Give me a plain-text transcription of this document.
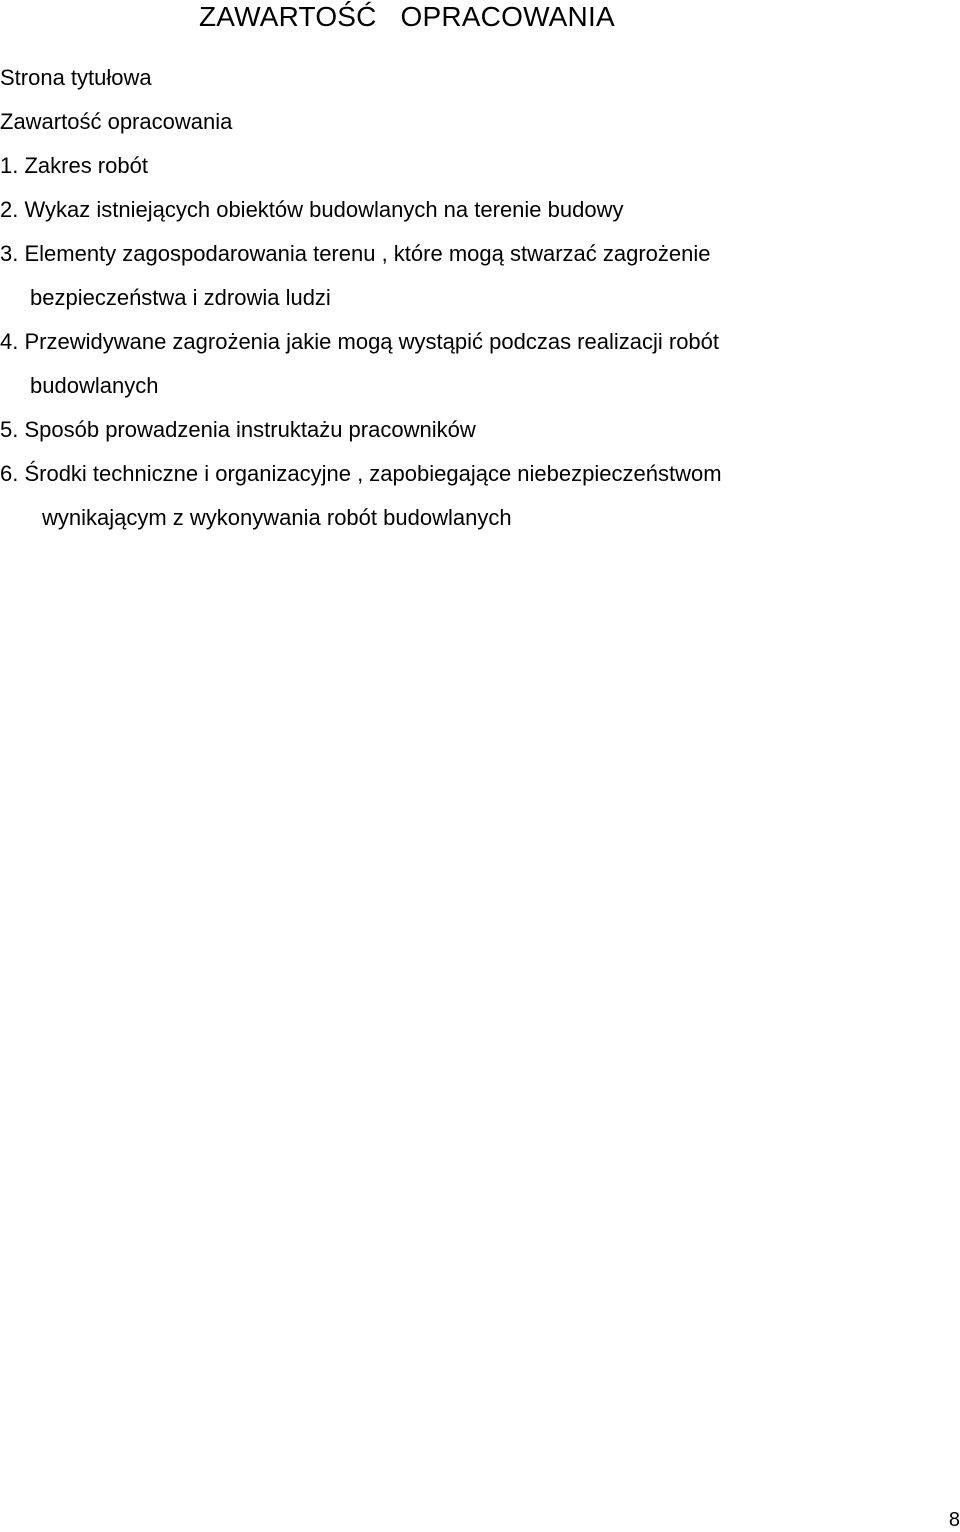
ZAWARTOŚĆ   OPRACOWANIA
Strona tytułowa
Zawartość opracowania
1. Zakres robót
2. Wykaz istniejących obiektów budowlanych na terenie budowy
3. Elementy zagospodarowania terenu , które mogą stwarzać zagrożenie
bezpieczeństwa i zdrowia ludzi
4. Przewidywane zagrożenia jakie mogą wystąpić podczas realizacji robót
budowlanych
5. Sposób prowadzenia instruktażu pracowników
6. Środki techniczne i organizacyjne , zapobiegające niebezpieczeństwom
wynikającym z wykonywania robót budowlanych
8
